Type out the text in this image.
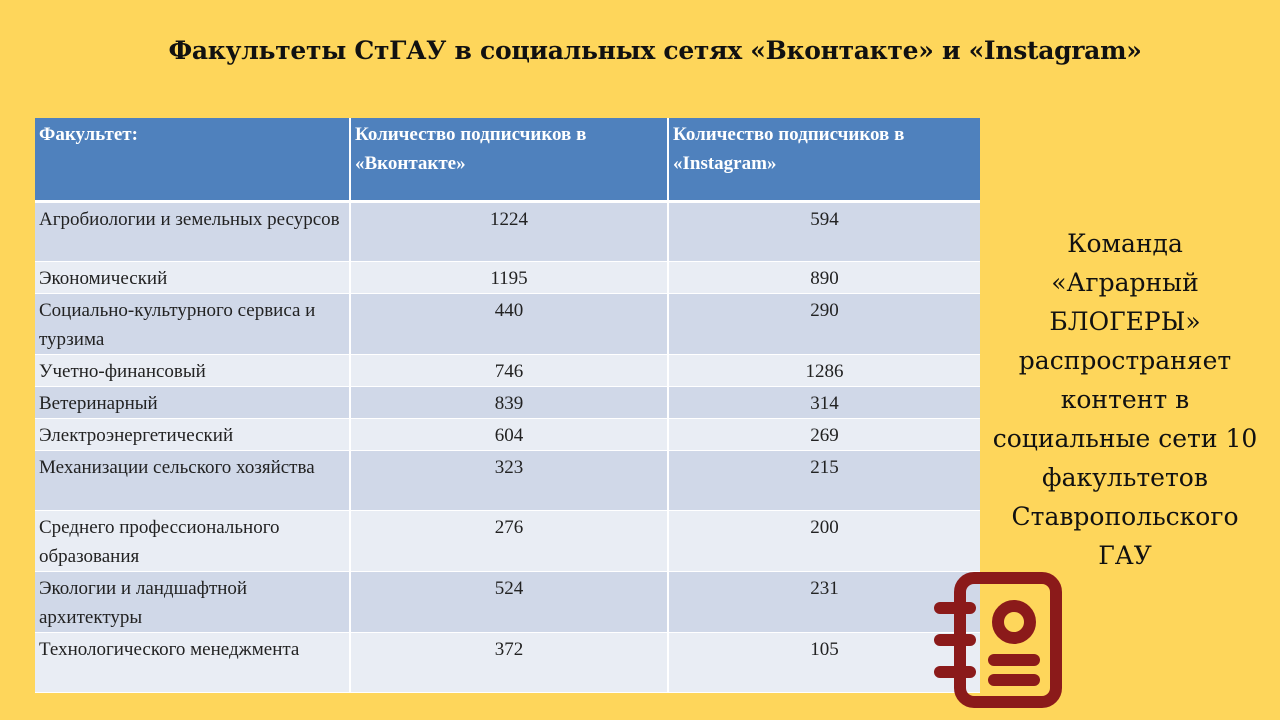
Факультеты СтГАУ в социальных сетях «Вконтакте» и «Instagram»
Факультет:	Количество подписчиков в «Вконтакте»	Количество подписчиков в «Instagram»
Агробиологии и земельных ресурсов	1224	594
Экономический	1195	890
Социально-культурного сервиса и турзима	440	290
Учетно-финансовый	746	1286
Ветеринарный	839	314
Электроэнергетический	604	269
Механизации сельского хозяйства	323	215
Среднего профессионального образования	276	200
Экологии и ландшафтной архитектуры	524	231
Технологического менеджмента	372	105
Команда «Аграрный БЛОГЕРЫ» распространяет контент в социальные сети 10 факультетов Ставропольского ГАУ
